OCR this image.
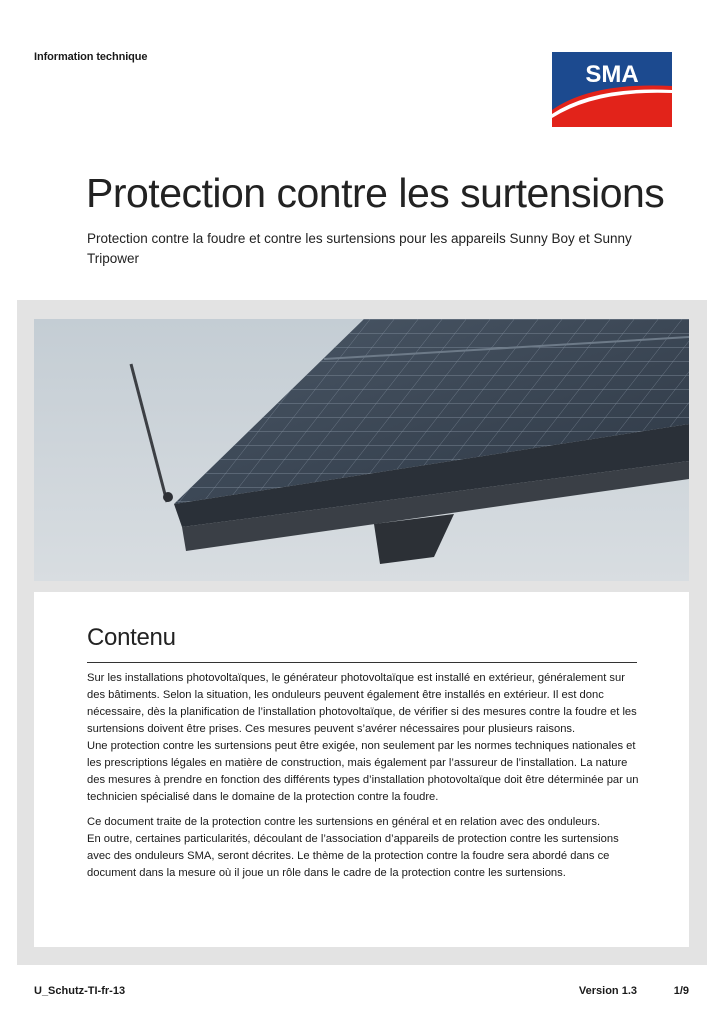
Information technique
SMA
Protection contre les surtensions

Protection contre la foudre et contre les surtensions pour les appareils Sunny Boy et Sunny Tripower

Contenu

Sur les installations photovoltaïques, le générateur photovoltaïque est installé en extérieur, généralement sur des bâtiments. Selon la situation, les onduleurs peuvent également être installés en extérieur. Il est donc nécessaire, dès la planification de l’installation photovoltaïque, de vérifier si des mesures contre la foudre et les surtensions doivent être prises. Ces mesures peuvent s’avérer nécessaires pour plusieurs raisons.
Une protection contre les surtensions peut être exigée, non seulement par les normes techniques nationales et les prescriptions légales en matière de construction, mais également par l’assureur de l’installation. La nature des mesures à prendre en fonction des différents types d’installation photovoltaïque doit être déterminée par un technicien spécialisé dans le domaine de la protection contre la foudre.

Ce document traite de la protection contre les surtensions en général et en relation avec des onduleurs.
En outre, certaines particularités, découlant de l’association d’appareils de protection contre les surtensions avec des onduleurs SMA, seront décrites. Le thème de la protection contre la foudre sera abordé dans ce document dans la mesure où il joue un rôle dans le cadre de la protection contre les surtensions.

U_Schutz-TI-fr-13	Version 1.3	1/9
